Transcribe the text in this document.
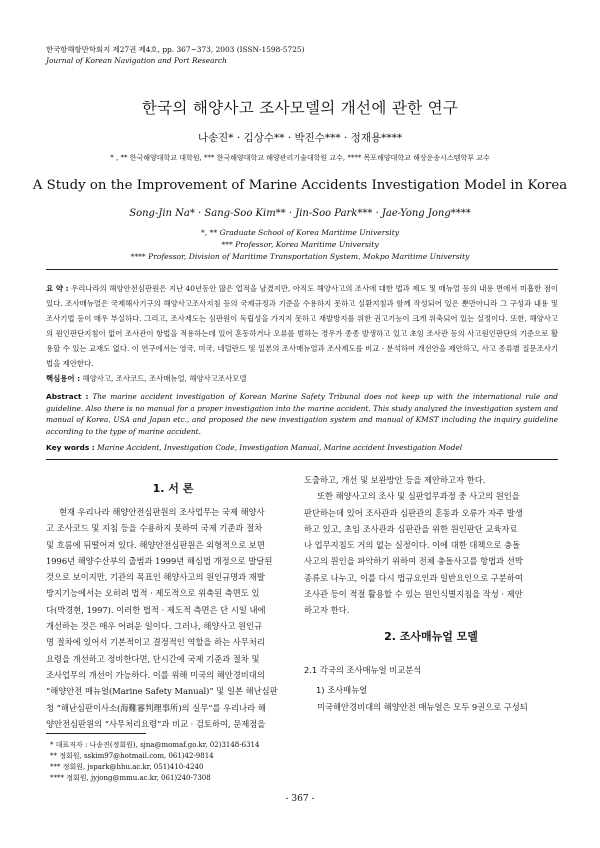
한국항해항만학회지 제27권 제4호, pp. 367~373, 2003 (ISSN-1598-5725)
Journal of Korean Navigation and Port Research
한국의 해양사고 조사모델의 개선에 관한 연구
나송진* · 김상수** · 박진수*** · 정재용****
* , ** 한국해양대학교 대학원, *** 한국해양대학교 해양관리기술대학원 교수, **** 목포해양대학교 해상운송시스템학부 교수
A Study on the Improvement of Marine Accidents Investigation Model in Korea
Song-Jin Na* · Sang-Soo Kim** · Jin-Soo Park*** · Jae-Yong Jong****
*, ** Graduate School of Korea Maritime University
*** Professor, Korea Maritime University
**** Professor, Division of Maritime Transportation System, Mokpo Maritime University
요 약 : 우리나라의 해양안전심판원은 지난 40년동안 많은 업적을 남겼지만, 아직도 해양사고의 조사에 대한 법과 제도 및 매뉴얼 등의 내용 면에서 미흡한 점이 있다. 조사매뉴얼은 국제해사기구의 해양사고조사지침 등의 국제규정과 기준을 수용하지 못하고 실환지침과 함께 작성되어 있은 뿐만아니라 그 구성과 내용 및 조사기법 등이 매우 부실하다. 그리고, 조사제도는 심판원이 독립성을 가지지 못하고 재발방지를 위한 권고기능이 크게 위축되어 있는 실정이다. 또한, 해양사고의 원인판단지침이 없어 조사관이 항법을 적용하는데 있어 혼동하거나 오류를 범하는 경우가 종종 발생하고 있고 초임 조사관 등의 사고원인판단의 기준으로 활용할 수 있는 교재도 없다. 이 연구에서는 영국, 미국, 네덜란드 및 일본의 조사매뉴얼과 조사제도를 비교 · 분석하여 개선안을 제안하고, 사고 종류별 질문조사기법을 제안한다.
핵심용어 : 해양사고, 조사코드, 조사매뉴얼, 해양사고조사모델
Abstract : The marine accident investigation of Korean Marine Safety Tribunal does not keep up with the international rule and guideline. Also there is no manual for a proper investigation into the marine accident. This study analyzed the investigation system and manual of Korea, USA and Japan etc., and proposed the new investigation system and manual of KMST including the inquiry guideline according to the type of marine accident.
Key words : Marine Accident, Investigation Code, Investigation Manual, Marine accident Investigation Model
1. 서 론

현재 우리나라 해양안전심판원의 조사업무는 국제 해양사

고 조사코드 및 지침 등을 수용하지 못하여 국제 기준과 절차

및 흐름에 뒤떨어져 있다. 해양안전심판원은 외형적으로 보면

1996년 해양수산부의 출범과 1999년 해심법 개정으로 발달된

것으로 보이지만, 기관의 목표인 해양사고의 원인규명과 재발

방지기능에서는 오히려 법적 · 제도적으로 위축된 측면도 있

다(박경현, 1997). 이러한 법적 · 제도적 측면은 단 시일 내에

개선하는 것은 매우 어려운 일이다. 그러나, 해양사고 원인규

명 절차에 있어서 기본적이고 결정적인 역할을 하는 사무처리

요령을 개선하고 정비한다면, 단시간에 국제 기준과 절차 및

조사업무의 개선이 가능하다. 이를 위해 미국의 해안경비대의

“해양안전 매뉴얼(Marine Safety Manual)” 및 일본 해난심판

청 “해난심판이사소(海難審判理事所)의 실무”를 우리나라 해

양안전심판원의 “사무처리요령”과 비교 · 검토하여, 문제점을

도출하고, 개선 및 보완방안 등을 제안하고자 한다.

또한 해양사고의 조사 및 심판업무과정 중 사고의 원인을

판단하는데 있어 조사관과 심판관의 혼동과 오류가 자주 발생

하고 있고, 초임 조사관과 심판관을 위한 원인판단 교육자료

나 업무지침도 거의 없는 실정이다. 이에 대한 대책으로 충돌

사고의 원인을 파악하기 위하여 전체 충돌사고를 항법과 선박

종류로 나누고, 이를 다시 법규요인과 일반요인으로 구분하여

조사관 등이 적절 활용할 수 있는 원인식별지침을 작성 · 제안

하고자 한다.

2. 조사매뉴얼 모델
2.1 각국의 조사매뉴얼 비교분석
1) 조사매뉴얼

미국해안경비대의 해양안전 매뉴얼은 모두 9권으로 구성되

* 대표저자 : 나송진(정회원), sjna@momaf.go.kr, 02)3148-6314
** 정회원, sskim97@hotmail.com, 061)42-9814
*** 정회원, jspark@hhu.ac.kr, 051)410-4240
**** 정회원, jyjong@mmu.ac.kr, 061)240-7308
- 367 -
